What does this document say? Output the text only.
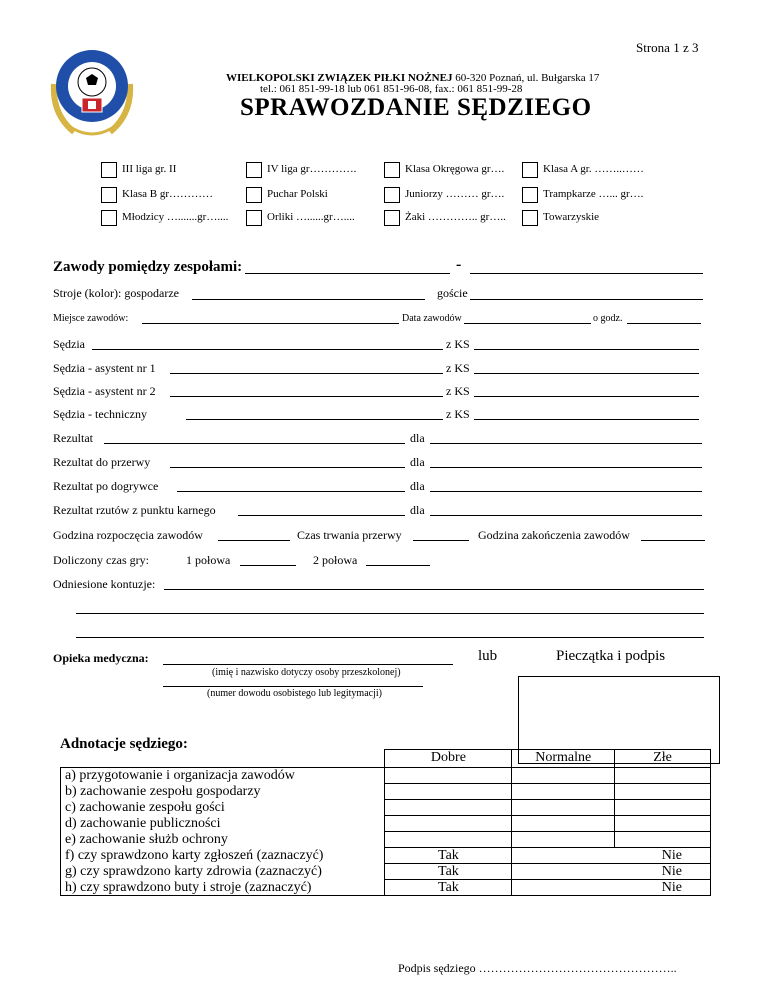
Strona 1 z 3
WIELKOPOLSKI ZWIĄZEK PIŁKI NOŻNEJ 60-320 Poznań, ul. Bułgarska 17
tel.: 061 851-99-18 lub 061 851-96-08, fax.: 061 851-99-28
SPRAWOZDANIE SĘDZIEGO
III liga gr. II	IV liga gr………….	Klasa Okręgowa gr….	Klasa A gr. ……..……
Klasa B gr…………	Puchar Polski	Juniorzy ……… gr….	Trampkarze …... gr….
Młodzicy ….......gr…....	Orliki …......gr…....	Żaki ………….. gr…..	Towarzyskie
Zawody pomiędzy zespołami:	-
Stroje (kolor): gospodarze	goście
Miejsce zawodów:	Data zawodów	o godz.
Sędzia	z KS
Sędzia - asystent nr 1	z KS
Sędzia - asystent nr 2	z KS
Sędzia - techniczny	z KS
Rezultat	dla
Rezultat do przerwy	dla
Rezultat po dogrywce	dla
Rezultat rzutów z punktu karnego	dla
Godzina rozpoczęcia zawodów	Czas trwania przerwy	Godzina zakończenia zawodów
Doliczony czas gry:	1 połowa	2 połowa
Odniesione kontuzje:
Opieka medyczna:
(imię i nazwisko dotyczy osoby przeszkolonej)
lub	Pieczątka i podpis
(numer dowodu osobistego lub legitymacji)
Adnotacje sędziego:
	Dobre	Normalne	Złe
a) przygotowanie i organizacja zawodów			
b) zachowanie zespołu gospodarzy			
c) zachowanie zespołu gości			
d) zachowanie publiczności			
e) zachowanie służb ochrony			
f) czy sprawdzono karty zgłoszeń (zaznaczyć)	Tak	Nie	
g) czy sprawdzono karty zdrowia (zaznaczyć)	Tak	Nie	
h) czy sprawdzono buty i stroje (zaznaczyć)	Tak	Nie	
Podpis sędziego …………………………………………..
